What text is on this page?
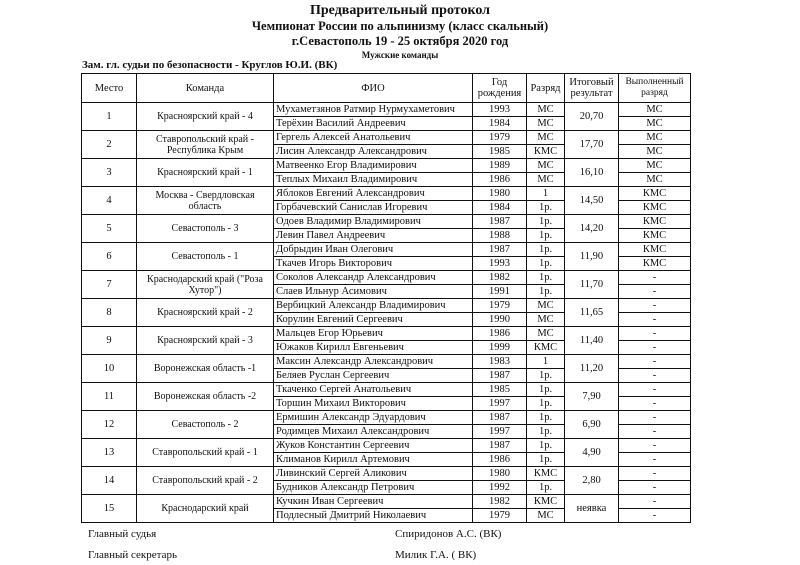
Предварительный протокол
Чемпионат России по альпинизму (класс скальный)
г.Севастополь 19 - 25 октября 2020 год
Мужские команды
Зам. гл. судьи по безопасности - Круглов Ю.И. (ВК)
Место	Команда	ФИО	Год рождения	Разряд	Итоговый результат	Выполненный разряд
1	Красноярский край - 4	Мухаметзянов Ратмир Нурмухаметович	1993	МС	20,70	МС
		Терёхин Василий Андреевич	1984	МС		МС
2	Ставропольский край - Республика Крым	Гергель Алексей Анатольевич	1979	МС	17,70	МС
		Лисин Александр Александрович	1985	КМС		МС
3	Красноярский край - 1	Матвеенко Егор Владимирович	1989	МС	16,10	МС
		Теплых Михаил Владимирович	1986	МС		МС
4	Москва - Свердловская область	Яблоков Евгений Александрович	1980	1	14,50	КМС
		Горбачевский Санислав Игоревич	1984	1р.		КМС
5	Севастополь - 3	Одоев Владимир Владимирович	1987	1р.	14,20	КМС
		Левин Павел Андреевич	1988	1р.		КМС
6	Севастополь - 1	Добрыдин Иван Олегович	1987	1р.	11,90	КМС
		Ткачев Игорь Викторович	1993	1р.		КМС
7	Краснодарский край ("Роза Хутор")	Соколов Александр Александрович	1982	1р.	11,70	-
		Слаев Ильнур Асимович	1991	1р.		-
8	Красноярский край - 2	Вербицкий Александр Владимирович	1979	МС	11,65	-
		Корулин Евгений Сергеевич	1990	МС		-
9	Красноярский край - 3	Мальцев Егор Юрьевич	1986	МС	11,40	-
		Южаков Кирилл Евгеньевич	1999	КМС		-
10	Воронежская область -1	Максин Александр Александрович	1983	1	11,20	-
		Беляев Руслан Сергеевич	1987	1р.		-
11	Воронежская область -2	Ткаченко Сергей Анатольевич	1985	1р.	7,90	-
		Торшин Михаил Викторович	1997	1р.		-
12	Севастополь - 2	Ермишин Александр Эдуардович	1987	1р.	6,90	-
		Родимцев Михаил Александрович	1997	1р.		-
13	Ставропольский край - 1	Жуков Константин Сергеевич	1987	1р.	4,90	-
		Климанов Кирилл Артемович	1986	1р.		-
14	Ставропольский край - 2	Ливинский Сергей Аликович	1980	КМС	2,80	-
		Будников Александр Петрович	1992	1р.		-
15	Краснодарский край	Кучкин Иван Сергеевич	1982	КМС	неявка	-
		Подлесный Дмитрий Николаевич	1979	МС		-
Главный судья	Спиридонов А.С. (ВК)
Главный секретарь	Милик Г.А. ( ВК)
